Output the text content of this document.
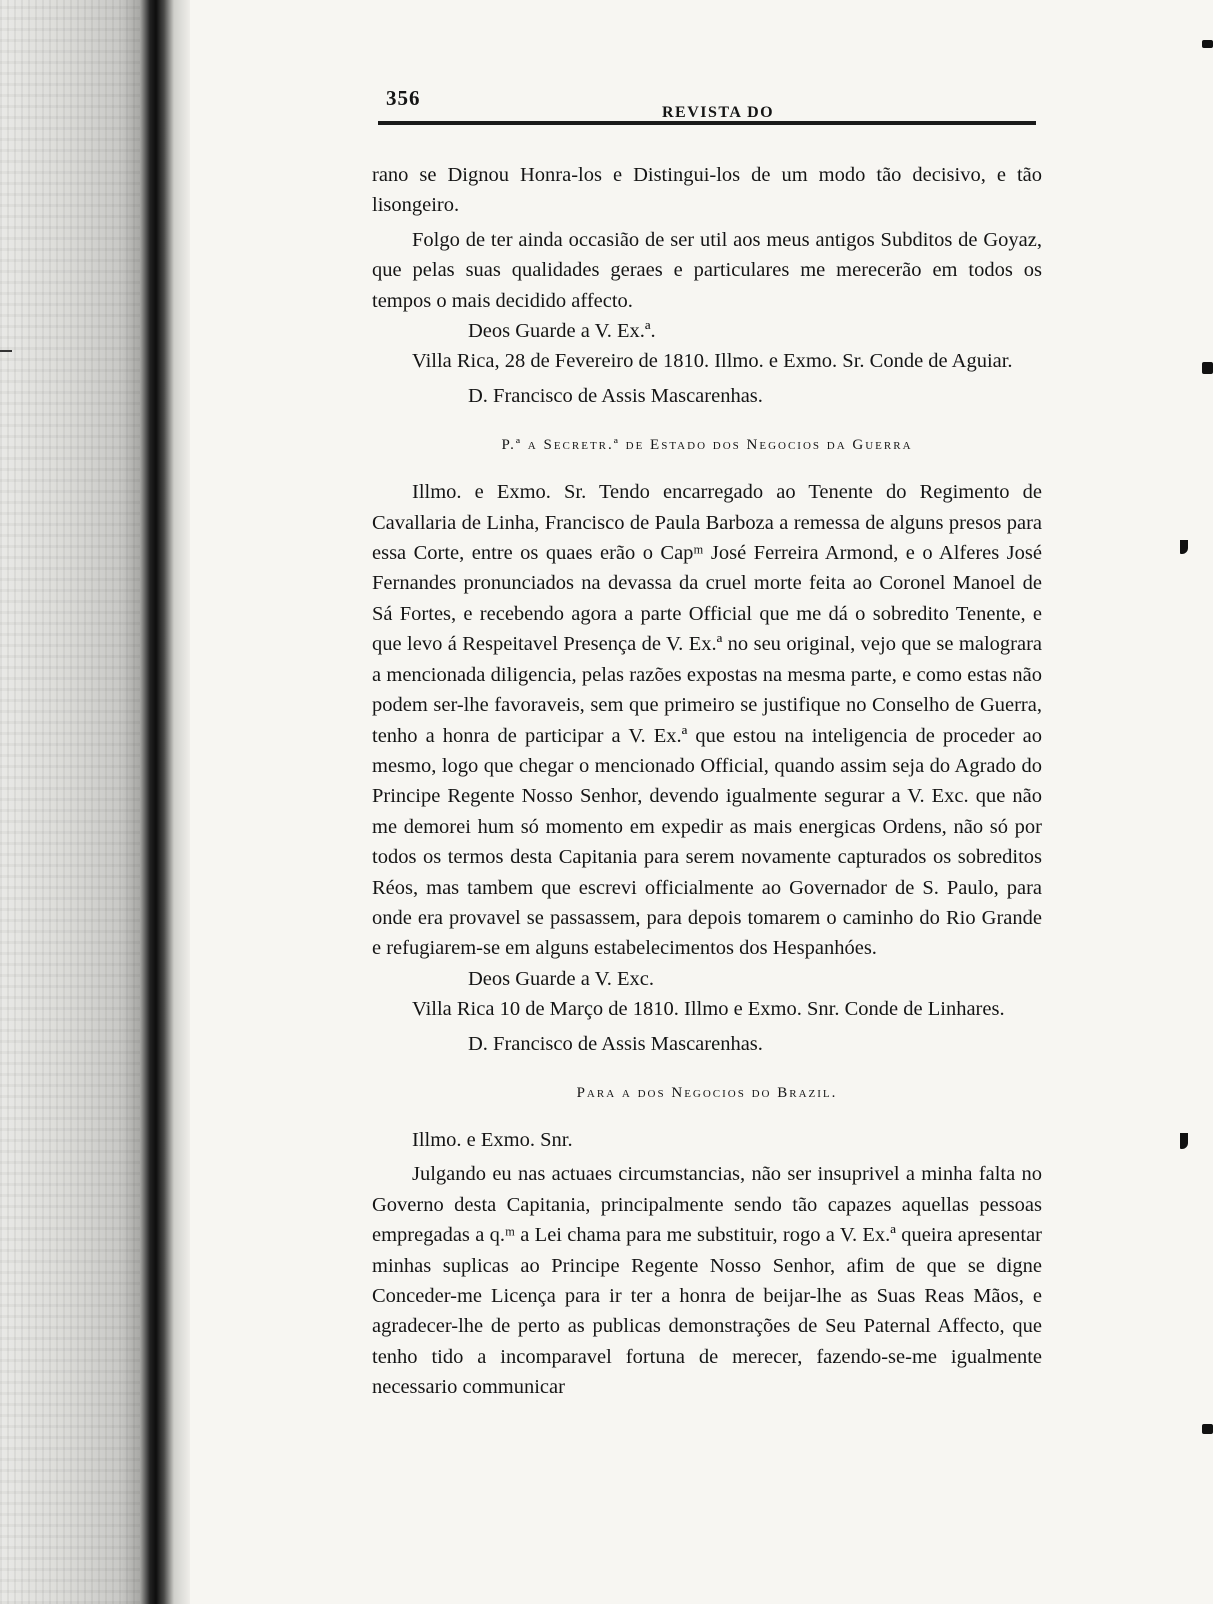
356
REVISTA DO

rano se Dignou Honra-los e Distingui-los de um modo tão decisivo, e tão lisongeiro.

Folgo de ter ainda occasião de ser util aos meus antigos Subditos de Goyaz, que pelas suas qualidades geraes e particulares me merecerão em todos os tempos o mais decidido affecto.

Deos Guarde a V. Ex.ª.

Villa Rica, 28 de Fevereiro de 1810. Illmo. e Exmo. Sr. Conde de Aguiar.

D. Francisco de Assis Mascarenhas.

P.ª a Secretr.ª de Estado dos Negocios da Guerra

Illmo. e Exmo. Sr. Tendo encarregado ao Tenente do Regimento de Cavallaria de Linha, Francisco de Paula Barboza a remessa de alguns presos para essa Corte, entre os quaes erão o Capᵐ José Ferreira Armond, e o Alferes José Fernandes pronunciados na devassa da cruel morte feita ao Coronel Manoel de Sá Fortes, e recebendo agora a parte Official que me dá o sobredito Tenente, e que levo á Respeitavel Presença de V. Ex.ª no seu original, vejo que se malograra a mencionada diligencia, pelas razões expostas na mesma parte, e como estas não podem ser-lhe favoraveis, sem que primeiro se justifique no Conselho de Guerra, tenho a honra de participar a V. Ex.ª que estou na inteligencia de proceder ao mesmo, logo que chegar o mencionado Official, quando assim seja do Agrado do Principe Regente Nosso Senhor, devendo igualmente segurar a V. Exc. que não me demorei hum só momento em expedir as mais energicas Ordens, não só por todos os termos desta Capitania para serem novamente capturados os sobreditos Réos, mas tambem que escrevi officialmente ao Governador de S. Paulo, para onde era provavel se passassem, para depois tomarem o caminho do Rio Grande e refugiarem-se em alguns estabelecimentos dos Hespanhóes.

Deos Guarde a V. Exc.

Villa Rica 10 de Março de 1810. Illmo e Exmo. Snr. Conde de Linhares.

D. Francisco de Assis Mascarenhas.

Para a dos Negocios do Brazil.

Illmo. e Exmo. Snr.

Julgando eu nas actuaes circumstancias, não ser insuprivel a minha falta no Governo desta Capitania, principalmente sendo tão capazes aquellas pessoas empregadas a q.ᵐ a Lei chama para me substituir, rogo a V. Ex.ª queira apresentar minhas suplicas ao Principe Regente Nosso Senhor, afim de que se digne Conceder-me Licença para ir ter a honra de beijar-lhe as Suas Reas Mãos, e agradecer-lhe de perto as publicas demonstrações de Seu Paternal Affecto, que tenho tido a incomparavel fortuna de merecer, fazendo-se-me igualmente necessario communicar
